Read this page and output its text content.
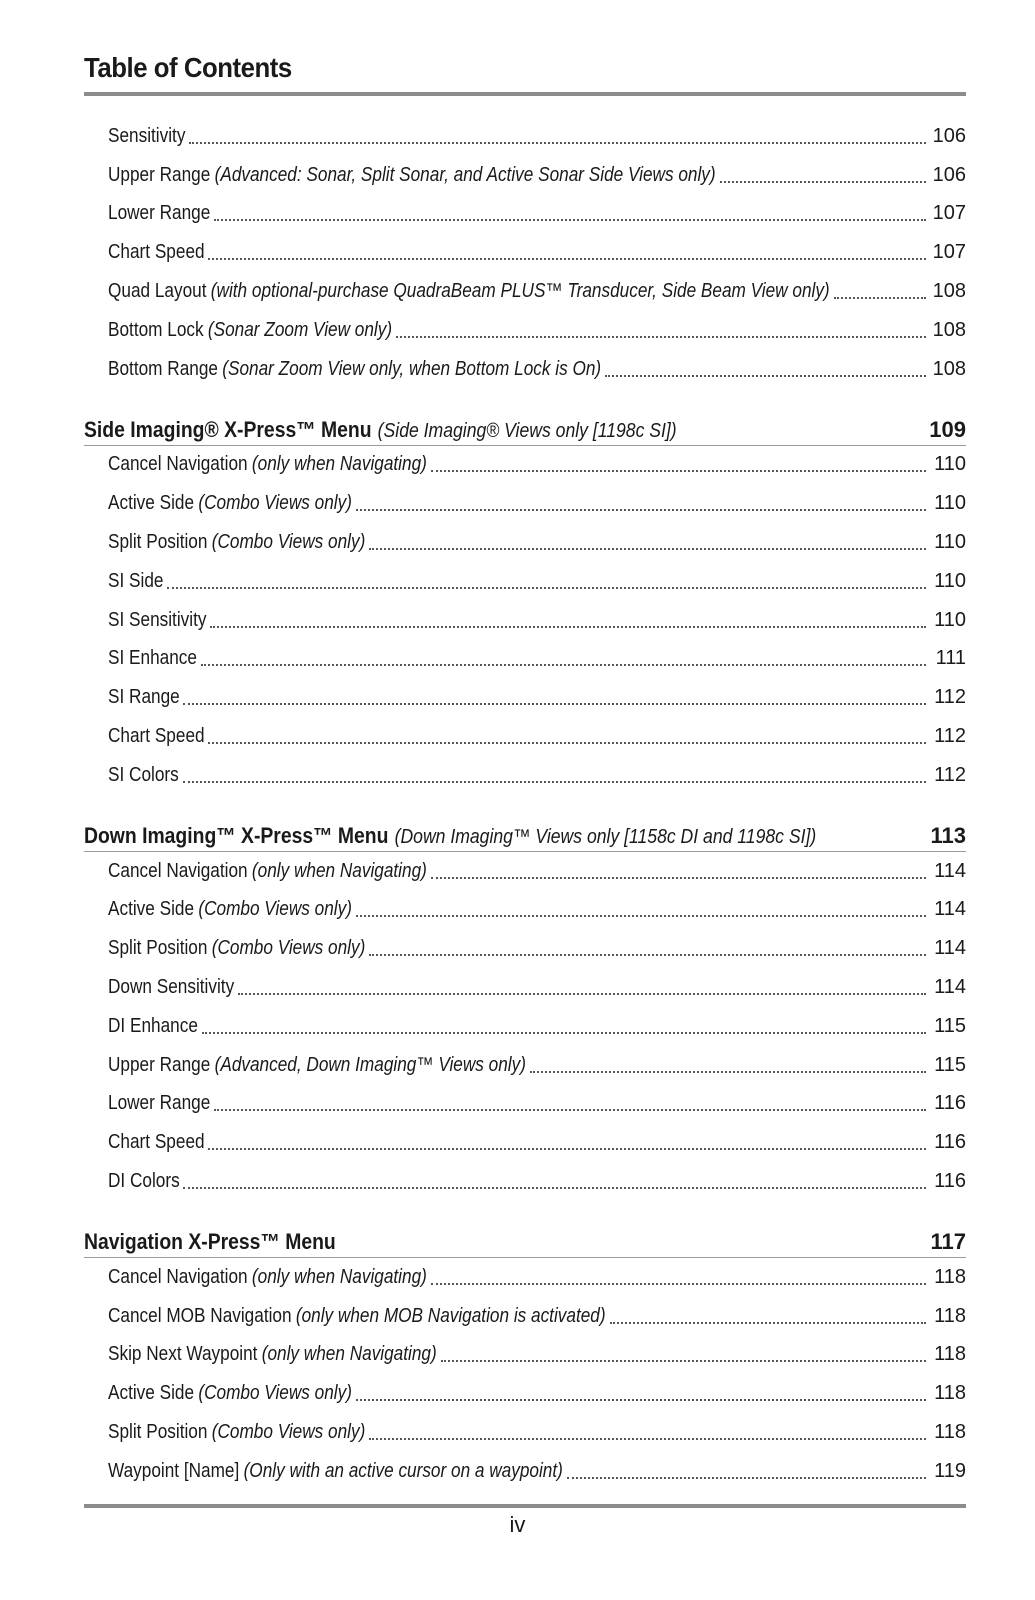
Table of Contents
Sensitivity	106
Upper Range (Advanced: Sonar, Split Sonar, and Active Sonar Side Views only)	106
Lower Range	107
Chart Speed	107
Quad Layout (with optional-purchase QuadraBeam PLUS™ Transducer, Side Beam View only)	108
Bottom Lock (Sonar Zoom View only)	108
Bottom Range (Sonar Zoom View only, when Bottom Lock is On)	108
Side Imaging® X-Press™ Menu (Side Imaging® Views only [1198c SI])	109
Cancel Navigation (only when Navigating)	110
Active Side (Combo Views only)	110
Split Position (Combo Views only)	110
SI Side	110
SI Sensitivity	110
SI Enhance	111
SI Range	112
Chart Speed	112
SI Colors	112
Down Imaging™ X-Press™ Menu (Down Imaging™ Views only [1158c DI and 1198c SI])	113
Cancel Navigation (only when Navigating)	114
Active Side (Combo Views only)	114
Split Position (Combo Views only)	114
Down Sensitivity	114
DI Enhance	115
Upper Range (Advanced, Down Imaging™ Views only)	115
Lower Range	116
Chart Speed	116
DI Colors	116
Navigation X-Press™ Menu	117
Cancel Navigation (only when Navigating)	118
Cancel MOB Navigation (only when MOB Navigation is activated)	118
Skip Next Waypoint (only when Navigating)	118
Active Side (Combo Views only)	118
Split Position (Combo Views only)	118
Waypoint [Name] (Only with an active cursor on a waypoint)	119
iv
